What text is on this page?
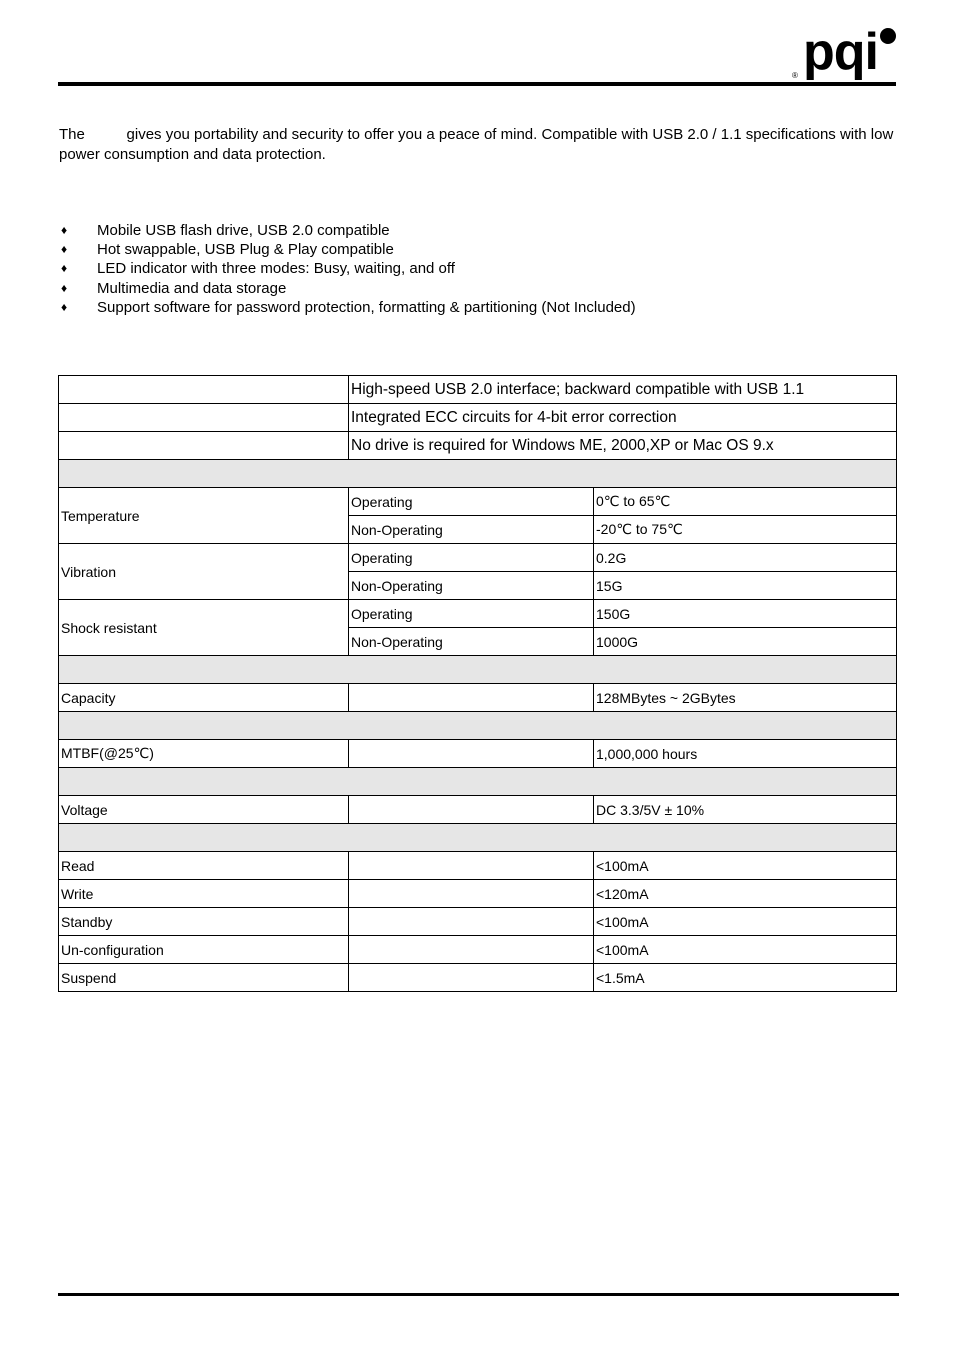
® pqi

The          gives you portability and security to offer you a peace of mind. Compatible with USB 2.0 / 1.1 specifications with low power consumption and data protection.

♦ Mobile USB flash drive, USB 2.0 compatible
♦ Hot swappable, USB Plug & Play compatible
♦ LED indicator with three modes: Busy, waiting, and off
♦ Multimedia and data storage
♦ Support software for password protection, formatting & partitioning (Not Included)
	High-speed USB 2.0 interface; backward compatible with USB 1.1	
	Integrated ECC circuits for 4-bit error correction	
	No drive is required for Windows ME, 2000,XP or Mac OS 9.x	

Temperature	Operating	0℃ to 65℃
	Non-Operating	-20℃ to 75℃
Vibration	Operating	0.2G
	Non-Operating	15G
Shock resistant	Operating	150G
	Non-Operating	1000G

Capacity		128MBytes ~ 2GBytes

MTBF(@25℃)		1,000,000 hours

Voltage		DC 3.3/5V ± 10%

Read		<100mA
Write		<120mA
Standby		<100mA
Un-configuration		<100mA
Suspend		<1.5mA
